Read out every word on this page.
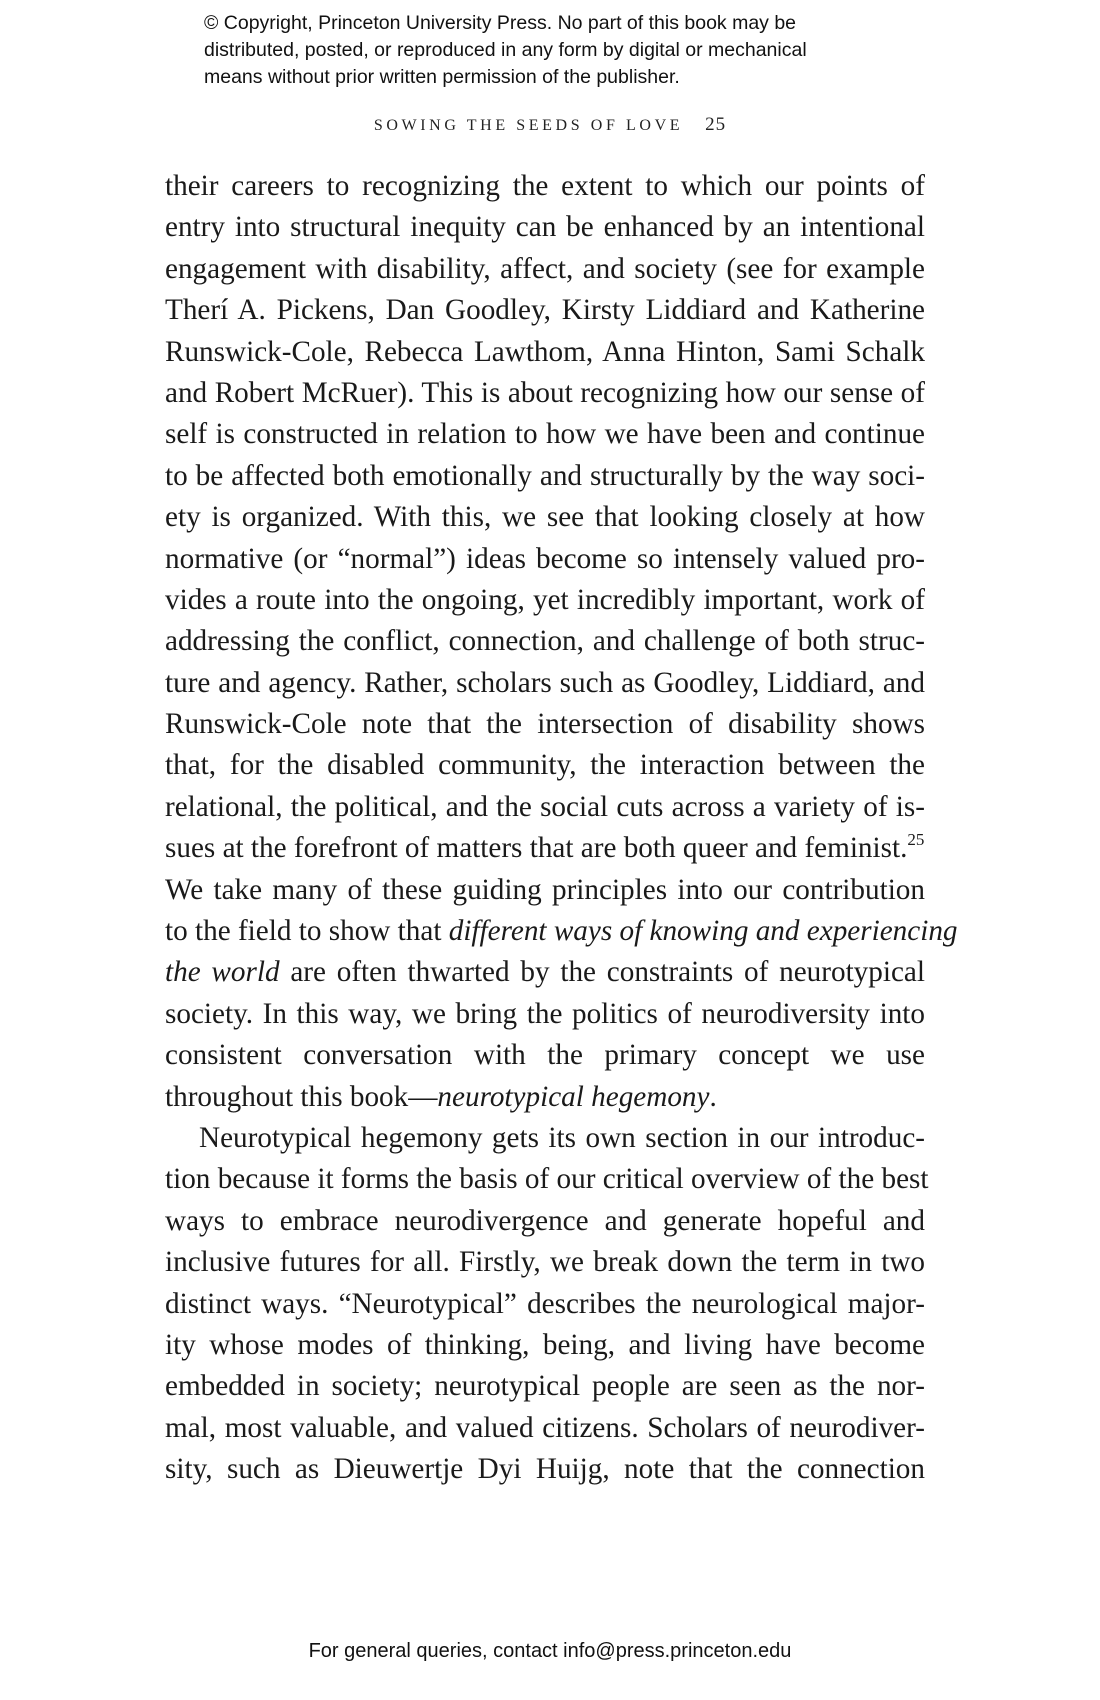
© Copyright, Princeton University Press. No part of this book may be
distributed, posted, or reproduced in any form by digital or mechanical
means without prior written permission of the publisher.
SOWING THE SEEDS OF LOVE 25
their careers to recognizing the extent to which our points of
entry into structural inequity can be enhanced by an intentional
engagement with disability, affect, and society (see for example
Therí A. Pickens, Dan Goodley, Kirsty Liddiard and Katherine
Runswick-Cole, Rebecca Lawthom, Anna Hinton, Sami Schalk
and Robert McRuer). This is about recognizing how our sense of
self is constructed in relation to how we have been and continue
to be affected both emotionally and structurally by the way soci-
ety is organized. With this, we see that looking closely at how
normative (or “normal”) ideas become so intensely valued pro-
vides a route into the ongoing, yet incredibly important, work of
addressing the conflict, connection, and challenge of both struc-
ture and agency. Rather, scholars such as Goodley, Liddiard, and
Runswick-Cole note that the intersection of disability shows
that, for the disabled community, the interaction between the
relational, the political, and the social cuts across a variety of is-
sues at the forefront of matters that are both queer and feminist.$^{25}$
We take many of these guiding principles into our contribution
to the field to show that different ways of knowing and experiencing
the world are often thwarted by the constraints of neurotypical
society. In this way, we bring the politics of neurodiversity into
consistent conversation with the primary concept we use
throughout this book—neurotypical hegemony.
Neurotypical hegemony gets its own section in our introduc-
tion because it forms the basis of our critical overview of the best
ways to embrace neurodivergence and generate hopeful and
inclusive futures for all. Firstly, we break down the term in two
distinct ways. “Neurotypical” describes the neurological major-
ity whose modes of thinking, being, and living have become
embedded in society; neurotypical people are seen as the nor-
mal, most valuable, and valued citizens. Scholars of neurodiver-
sity, such as Dieuwertje Dyi Huijg, note that the connection
For general queries, contact info@press.princeton.edu
